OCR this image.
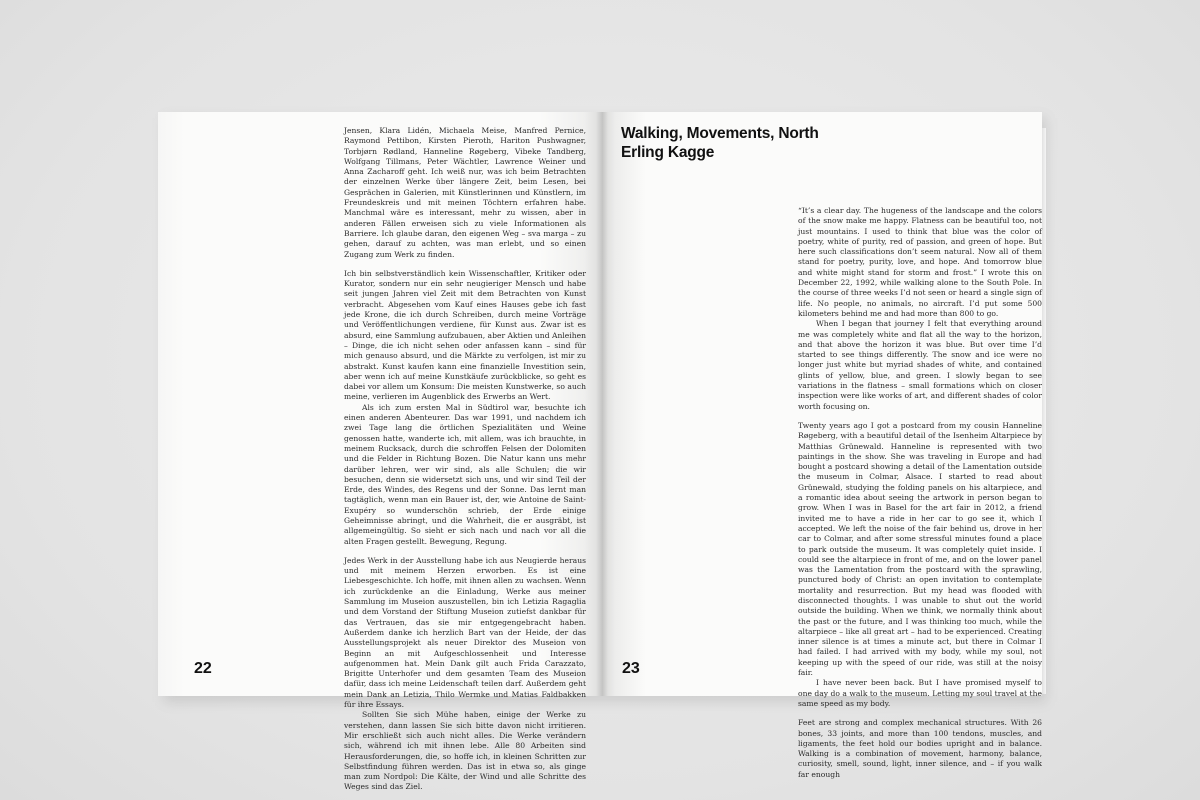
Jensen, Klara Lidén, Michaela Meise, Manfred Pernice, Raymond Pettibon, Kirsten Pieroth, Hariton Pushwagner, Torbjørn Rødland, Hanneline Røgeberg, Vibeke Tandberg, Wolfgang Tillmans, Peter Wächtler, Lawrence Weiner und Anna Zacharoff geht. Ich weiß nur, was ich beim Betrachten der einzelnen Werke über längere Zeit, beim Lesen, bei Gesprächen in Galerien, mit Künstlerinnen und Künstlern, im Freundeskreis und mit meinen Töchtern erfahren habe. Manchmal wäre es interessant, mehr zu wissen, aber in anderen Fällen erweisen sich zu viele Informationen als Barriere. Ich glaube daran, den eigenen Weg – sva marga – zu gehen, darauf zu achten, was man erlebt, und so einen Zugang zum Werk zu finden.

Ich bin selbstverständlich kein Wissenschaftler, Kritiker oder Kurator, sondern nur ein sehr neugieriger Mensch und habe seit jungen Jahren viel Zeit mit dem Betrachten von Kunst verbracht. Abgesehen vom Kauf eines Hauses gebe ich fast jede Krone, die ich durch Schreiben, durch meine Vorträge und Veröffentlichungen verdiene, für Kunst aus. Zwar ist es absurd, eine Sammlung aufzubauen, aber Aktien und Anleihen – Dinge, die ich nicht sehen oder anfassen kann – sind für mich genauso absurd, und die Märkte zu verfolgen, ist mir zu abstrakt. Kunst kaufen kann eine finanzielle Investition sein, aber wenn ich auf meine Kunstkäufe zurückblicke, so geht es dabei vor allem um Konsum: Die meisten Kunstwerke, so auch meine, verlieren im Augenblick des Erwerbs an Wert.

Als ich zum ersten Mal in Südtirol war, besuchte ich einen anderen Abenteurer. Das war 1991, und nachdem ich zwei Tage lang die örtlichen Spezialitäten und Weine genossen hatte, wanderte ich, mit allem, was ich brauchte, in meinem Rucksack, durch die schroffen Felsen der Dolomiten und die Felder in Richtung Bozen. Die Natur kann uns mehr darüber lehren, wer wir sind, als alle Schulen; die wir besuchen, denn sie widersetzt sich uns, und wir sind Teil der Erde, des Windes, des Regens und der Sonne. Das lernt man tagtäglich, wenn man ein Bauer ist, der, wie Antoine de Saint-Exupéry so wunderschön schrieb, der Erde einige Geheimnisse abringt, und die Wahrheit, die er ausgräbt, ist allgemeingültig. So sieht er sich nach und nach vor all die alten Fragen gestellt. Bewegung, Regung.

Jedes Werk in der Ausstellung habe ich aus Neugierde heraus und mit meinem Herzen erworben. Es ist eine Liebesgeschichte. Ich hoffe, mit ihnen allen zu wachsen. Wenn ich zurückdenke an die Einladung, Werke aus meiner Sammlung im Museion auszustellen, bin ich Letizia Ragaglia und dem Vorstand der Stiftung Museion zutiefst dankbar für das Vertrauen, das sie mir entgegengebracht haben. Außerdem danke ich herzlich Bart van der Heide, der das Ausstellungsprojekt als neuer Direktor des Museion von Beginn an mit Aufgeschlossenheit und Interesse aufgenommen hat. Mein Dank gilt auch Frida Carazzato, Brigitte Unterhofer und dem gesamten Team des Museion dafür, dass ich meine Leidenschaft teilen darf. Außerdem geht mein Dank an Letizia, Thilo Wermke und Matias Faldbakken für ihre Essays.

Sollten Sie sich Mühe haben, einige der Werke zu verstehen, dann lassen Sie sich bitte davon nicht irritieren. Mir erschließt sich auch nicht alles. Die Werke verändern sich, während ich mit ihnen lebe. Alle 80 Arbeiten sind Herausforderungen, die, so hoffe ich, in kleinen Schritten zur Selbstfindung führen werden. Das ist in etwa so, als ginge man zum Nordpol: Die Kälte, der Wind und alle Schritte des Weges sind das Ziel.

22	23
Walking, Movements, North
Erling Kagge

“It’s a clear day. The hugeness of the landscape and the colors of the snow make me happy. Flatness can be beautiful too, not just mountains. I used to think that blue was the color of poetry, white of purity, red of passion, and green of hope. But here such classifications don’t seem natural. Now all of them stand for poetry, purity, love, and hope. And tomorrow blue and white might stand for storm and frost.” I wrote this on December 22, 1992, while walking alone to the South Pole. In the course of three weeks I’d not seen or heard a single sign of life. No people, no animals, no aircraft. I’d put some 500 kilometers behind me and had more than 800 to go.

When I began that journey I felt that everything around me was completely white and flat all the way to the horizon, and that above the horizon it was blue. But over time I’d started to see things differently. The snow and ice were no longer just white but myriad shades of white, and contained glints of yellow, blue, and green. I slowly began to see variations in the flatness – small formations which on closer inspection were like works of art, and different shades of color worth focusing on.

Twenty years ago I got a postcard from my cousin Hanneline Røgeberg, with a beautiful detail of the Isenheim Altarpiece by Matthias Grünewald. Hanneline is represented with two paintings in the show. She was traveling in Europe and had bought a postcard showing a detail of the Lamentation outside the museum in Colmar, Alsace. I started to read about Grünewald, studying the folding panels on his altarpiece, and a romantic idea about seeing the artwork in person began to grow. When I was in Basel for the art fair in 2012, a friend invited me to have a ride in her car to go see it, which I accepted. We left the noise of the fair behind us, drove in her car to Colmar, and after some stressful minutes found a place to park outside the museum. It was completely quiet inside. I could see the altarpiece in front of me, and on the lower panel was the Lamentation from the postcard with the sprawling, punctured body of Christ: an open invitation to contemplate mortality and resurrection. But my head was flooded with disconnected thoughts. I was unable to shut out the world outside the building. When we think, we normally think about the past or the future, and I was thinking too much, while the altarpiece – like all great art – had to be experienced. Creating inner silence is at times a minute act, but there in Colmar I had failed. I had arrived with my body, while my soul, not keeping up with the speed of our ride, was still at the noisy fair.

I have never been back. But I have promised myself to one day do a walk to the museum. Letting my soul travel at the same speed as my body.

Feet are strong and complex mechanical structures. With 26 bones, 33 joints, and more than 100 tendons, muscles, and ligaments, the feet hold our bodies upright and in balance. Walking is a combination of movement, harmony, balance, curiosity, smell, sound, light, inner silence, and – if you walk far enough
